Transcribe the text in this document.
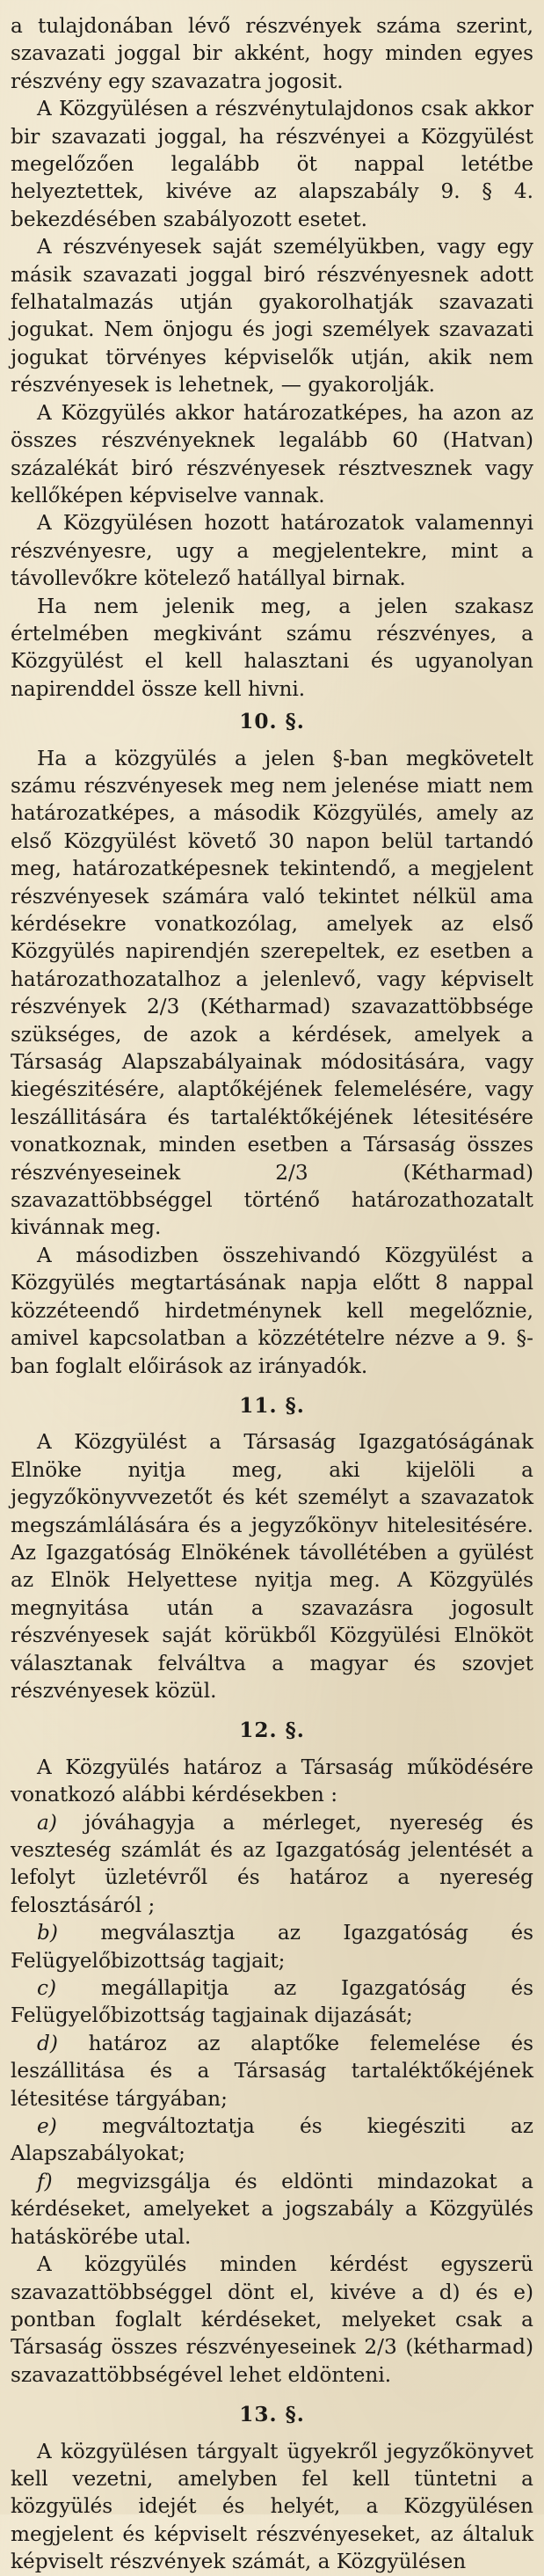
a tulajdonában lévő részvények száma szerint, szavazati joggal bir akként, hogy minden egyes részvény egy szavazatra jogosit.

A Közgyülésen a részvénytulajdonos csak akkor bir szavazati joggal, ha részvényei a Közgyülést megelőzően legalább öt nappal letétbe helyeztettek, kivéve az alapszabály 9. § 4. bekezdésében szabályozott esetet.

A részvényesek saját személyükben, vagy egy másik szavazati joggal biró részvényesnek adott felhatalmazás utján gyakorolhatják szavazati jogukat. Nem önjogu és jogi személyek szavazati jogukat törvényes képviselők utján, akik nem részvényesek is lehetnek, — gyakorolják.

A Közgyülés akkor határozatképes, ha azon az összes részvényeknek legalább 60 (Hatvan) százalékát biró részvényesek résztvesznek vagy kellőképen képviselve vannak.

A Közgyülésen hozott határozatok valamennyi részvényesre, ugy a megjelentekre, mint a távollevőkre kötelező hatállyal birnak.

Ha nem jelenik meg, a jelen szakasz értelmében megkivánt számu részvényes, a Közgyülést el kell halasztani és ugyanolyan napirenddel össze kell hivni.

10. §.

Ha a közgyülés a jelen §-ban megkövetelt számu részvényesek meg nem jelenése miatt nem határozatképes, a második Közgyülés, amely az első Közgyülést követő 30 napon belül tartandó meg, határozatképesnek tekintendő, a megjelent részvényesek számára való tekintet nélkül ama kérdésekre vonatkozólag, amelyek az első Közgyülés napirendjén szerepeltek, ez esetben a határozathozatalhoz a jelenlevő, vagy képviselt részvények 2/3 (Kétharmad) szavazattöbbsége szükséges, de azok a kérdések, amelyek a Társaság Alapszabályainak módositására, vagy kiegészitésére, alaptőkéjének felemelésére, vagy leszállitására és tartaléktőkéjének létesitésére vonatkoznak, minden esetben a Társaság összes részvényeseinek 2/3 (Kétharmad) szavazattöbbséggel történő határozathozatalt kivánnak meg.

A másodizben összehivandó Közgyülést a Közgyülés megtartásának napja előtt 8 nappal közzéteendő hirdetménynek kell megelőznie, amivel kapcsolatban a közzétételre nézve a 9. §-ban foglalt előirások az irányadók.

11. §.

A Közgyülést a Társaság Igazgatóságának Elnöke nyitja meg, aki kijelöli a jegyzőkönyvvezetőt és két személyt a szavazatok megszámlálására és a jegyzőkönyv hitelesitésére. Az Igazgatóság Elnökének távollétében a gyülést az Elnök Helyettese nyitja meg. A Közgyülés megnyitása után a szavazásra jogosult részvényesek saját körükből Közgyülési Elnököt választanak felváltva a magyar és szovjet részvényesek közül.

12. §.

A Közgyülés határoz a Társaság működésére vonatkozó alábbi kérdésekben :

a) jóváhagyja a mérleget, nyereség és veszteség számlát és az Igazgatóság jelentését a lefolyt üzletévről és határoz a nyereség felosztásáról ;

b) megválasztja az Igazgatóság és Felügyelőbizottság tagjait;

c) megállapitja az Igazgatóság és Felügyelőbizottság tagjainak dijazását;

d) határoz az alaptőke felemelése és leszállitása és a Társaság tartaléktőkéjének létesitése tárgyában;

e) megváltoztatja és kiegésziti az Alapszabályokat;

f) megvizsgálja és eldönti mindazokat a kérdéseket, amelyeket a jogszabály a Közgyülés hatáskörébe utal.

A közgyülés minden kérdést egyszerü szavazattöbbséggel dönt el, kivéve a d) és e) pontban foglalt kérdéseket, melyeket csak a Társaság összes részvényeseinek 2/3 (kétharmad) szavazattöbbségével lehet eldönteni.

13. §.

A közgyülésen tárgyalt ügyekről jegyzőkönyvet kell vezetni, amelyben fel kell tüntetni a közgyülés idejét és helyét, a Közgyülésen megjelent és képviselt részvényeseket, az általuk képviselt részvények számát, a Közgyülésen
